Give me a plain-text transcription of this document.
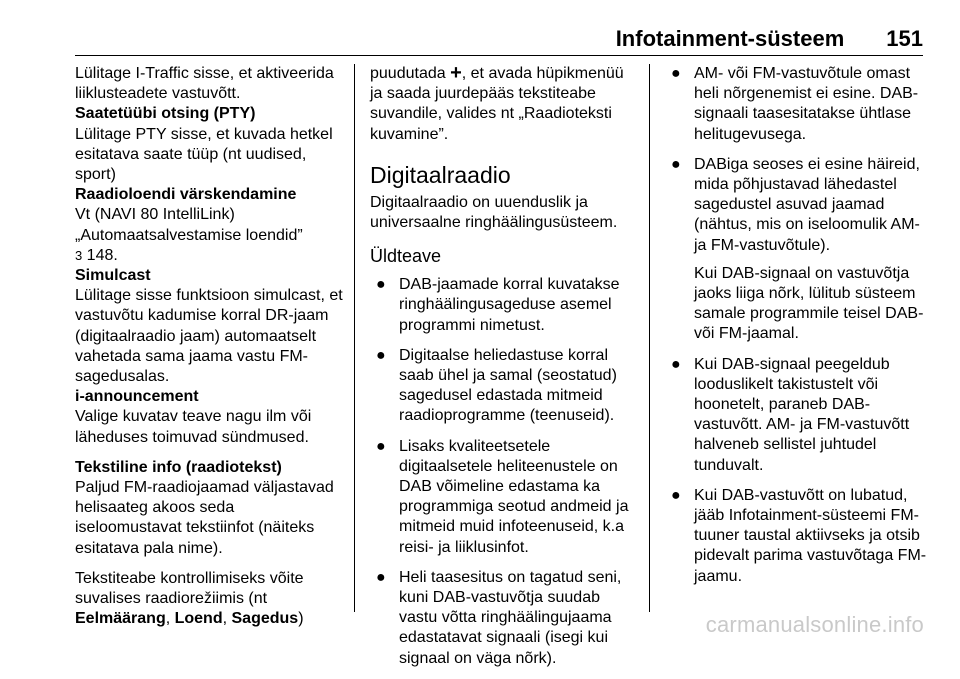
Infotainment-süsteem 151

Lülitage I-Traffic sisse, et aktiveerida liiklusteadete vastuvõtt.

Saatetüübi otsing (PTY)

Lülitage PTY sisse, et kuvada hetkel esitatava saate tüüp (nt uudised, sport)

Raadioloendi värskendamine

Vt (NAVI 80 IntelliLink)

„Automaatsalvestamise loendid”

3 148.

Simulcast

Lülitage sisse funktsioon simulcast, et vastuvõtu kadumise korral DR-jaam (digitaalraadio jaam) automaatselt vahetada sama jaama vastu FM-sagedusalas.

i-announcement

Valige kuvatav teave nagu ilm või läheduses toimuvad sündmused.

Tekstiline info (raadiotekst)

Paljud FM-raadiojaamad väljastavad helisaateg akoos seda iseloomustavat tekstiinfot (näiteks esitatava pala nime).

Tekstiteabe kontrollimiseks võite suvalises raadiorežiimis (nt Eelmäärang, Loend, Sagedus)

puudutada +, et avada hüpikmenüü ja saada juurdepääs tekstiteabe suvandile, valides nt „Raadioteksti kuvamine”.

Digitaalraadio

Digitaalraadio on uuenduslik ja universaalne ringhäälingusüsteem.

Üldteave

● DAB-jaamade korral kuvatakse ringhäälingusageduse asemel programmi nimetust.
● Digitaalse heliedastuse korral saab ühel ja samal (seostatud) sagedusel edastada mitmeid raadioprogramme (teenuseid).
● Lisaks kvaliteetsetele digitaalsetele heliteenustele on DAB võimeline edastama ka programmiga seotud andmeid ja mitmeid muid infoteenuseid, k.a reisi- ja liiklusinfot.
● Heli taasesitus on tagatud seni, kuni DAB-vastuvõtja suudab vastu võtta ringhäälingujaama edastatavat signaali (isegi kui signaal on väga nõrk).
● AM- või FM-vastuvõtule omast heli nõrgenemist ei esine. DAB-signaali taasesitatakse ühtlase helitugevusega.
● DABiga seoses ei esine häireid, mida põhjustavad lähedastel sagedustel asuvad jaamad (nähtus, mis on iseloomulik AM- ja FM-vastuvõtule).

Kui DAB-signaal on vastuvõtja jaoks liiga nõrk, lülitub süsteem samale programmile teisel DAB- või FM-jaamal.

● Kui DAB-signaal peegeldub looduslikelt takistustelt või hoonetelt, paraneb DAB-vastuvõtt. AM- ja FM-vastuvõtt halveneb sellistel juhtudel tunduvalt.
● Kui DAB-vastuvõtt on lubatud, jääb Infotainment-süsteemi FM-tuuner taustal aktiivseks ja otsib pidevalt parima vastuvõtaga FM-jaamu.
carmanualsonline.info
